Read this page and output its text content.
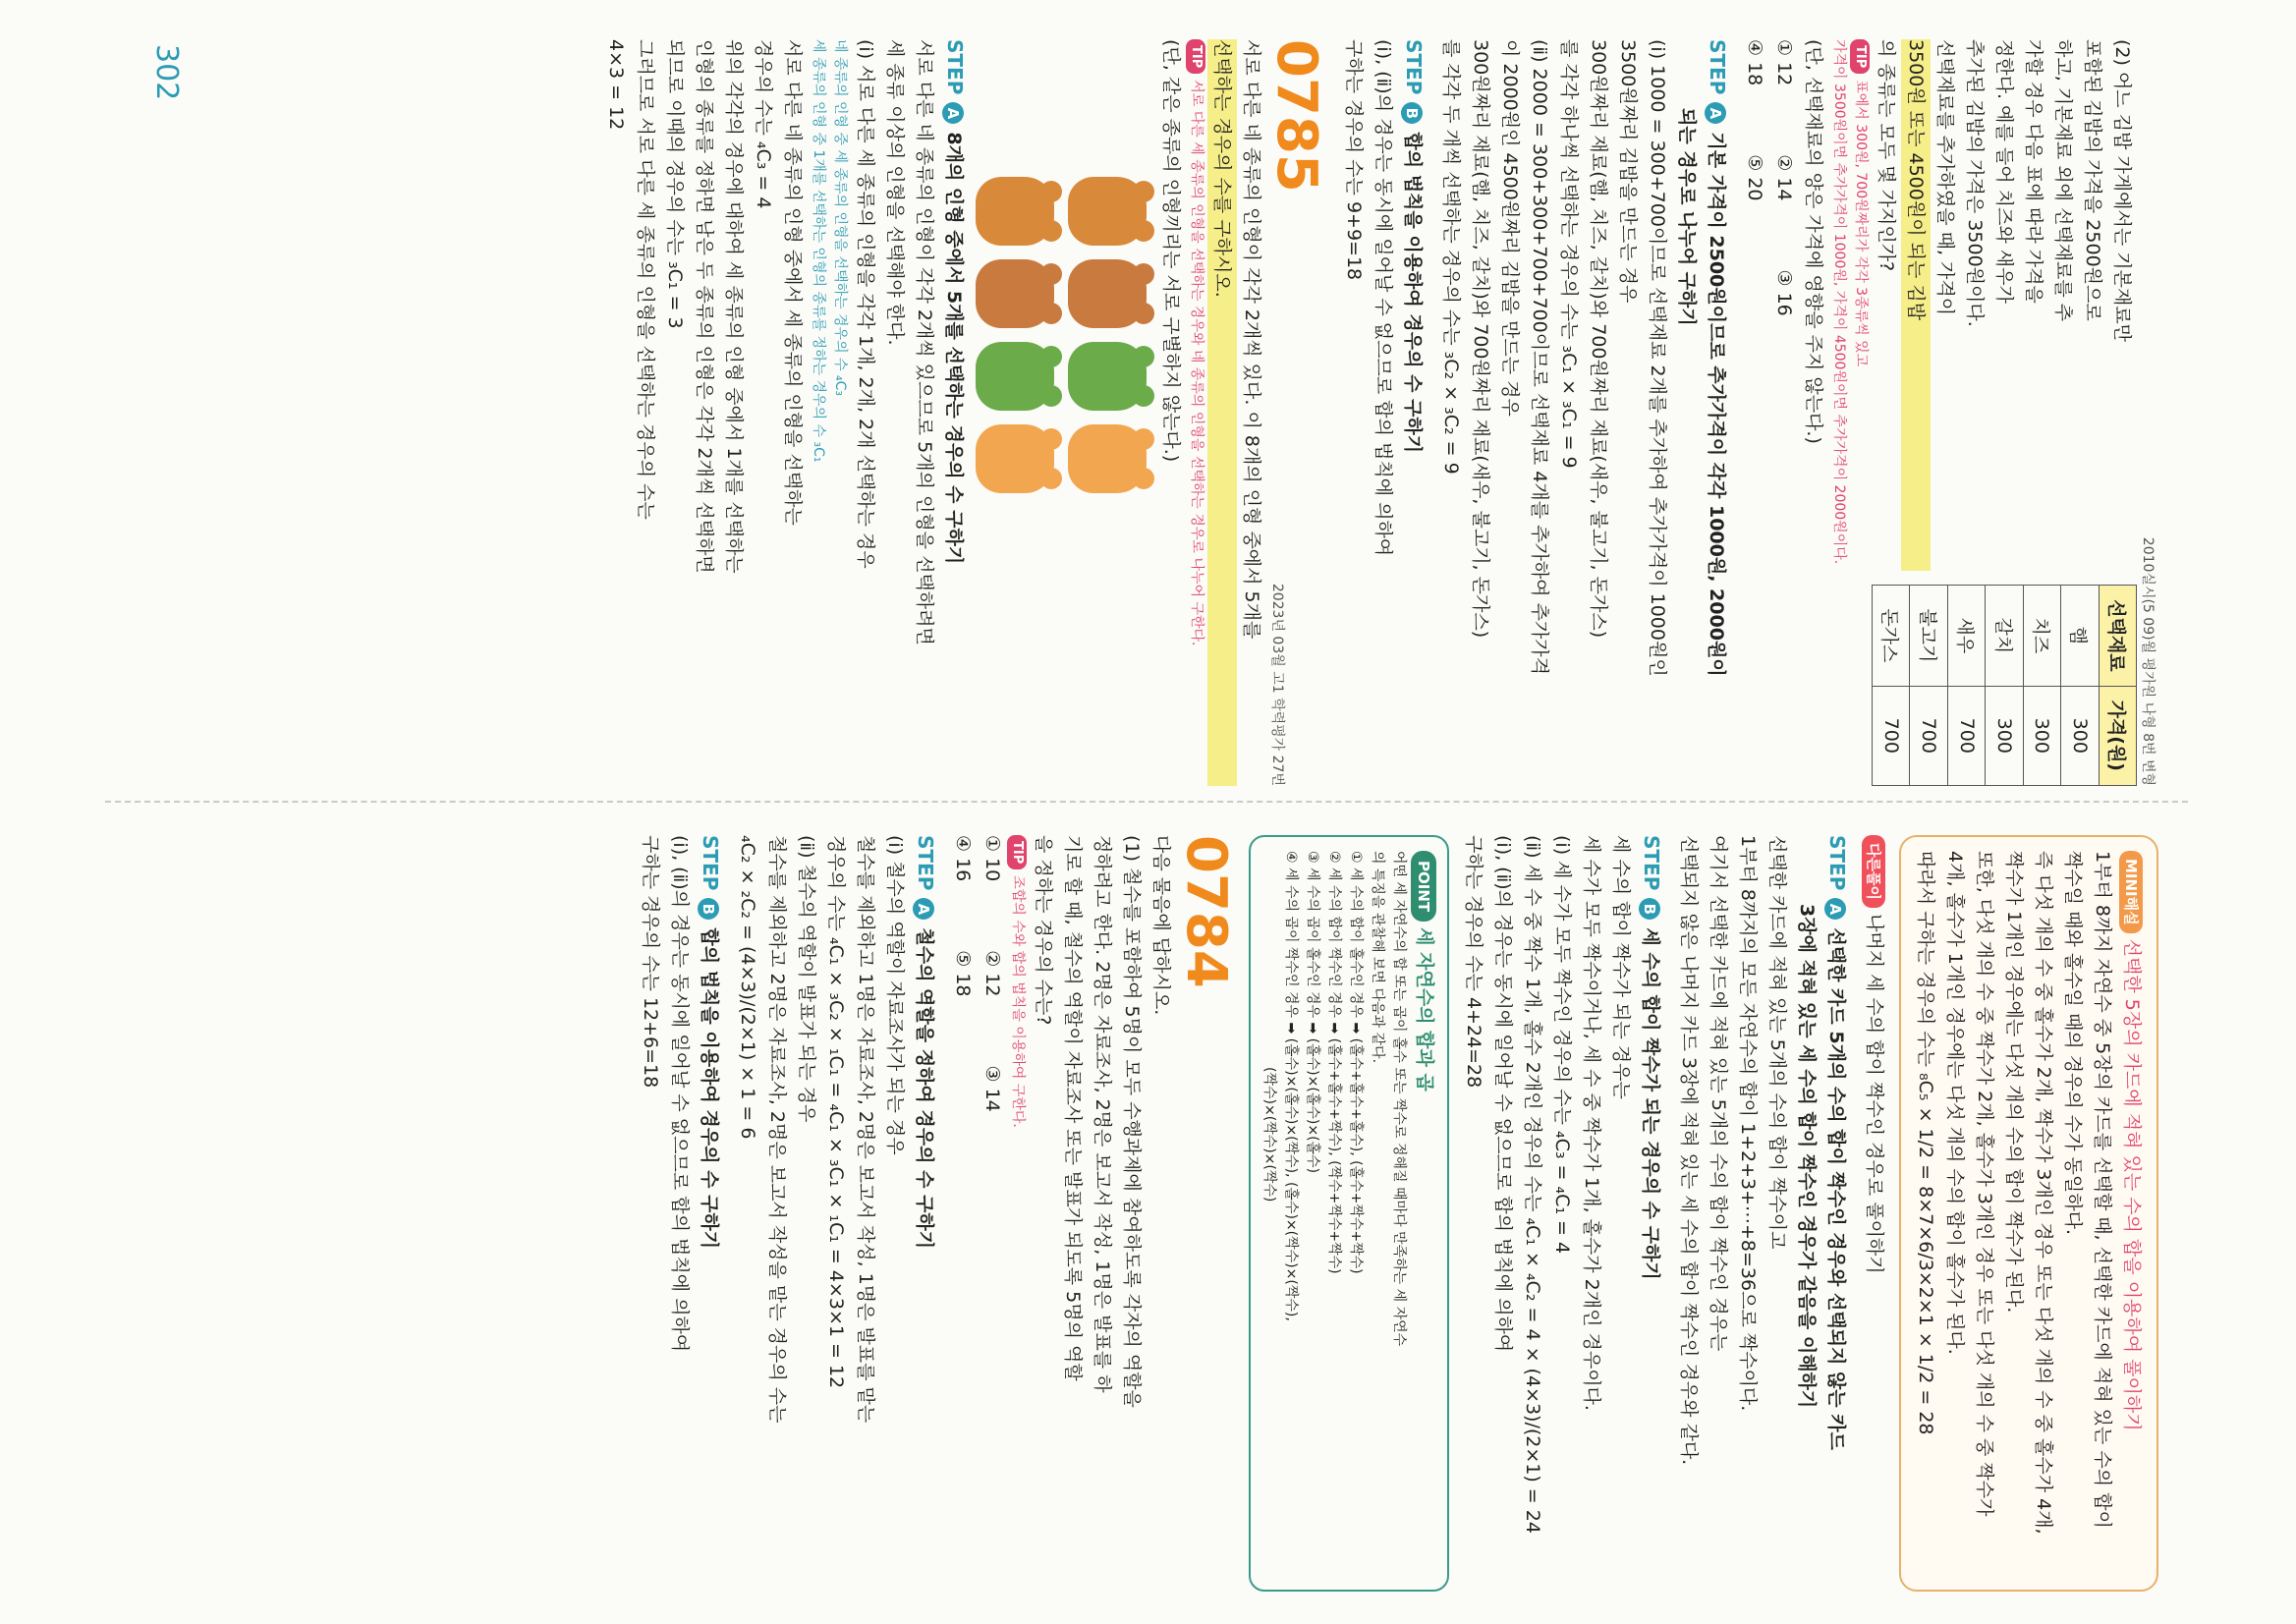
302
MINI해설 선택한 5장의 카드에 적혀 있는 수의 합을 이용하여 풀이하기
1부터 8까지 자연수 중 5장의 카드를 선택할 때, 선택한 카드에 적혀 있는 수의 합이
짝수일 때와 홀수일 때의 경우의 수가 동일하다.
즉 다섯 개의 수 중 홀수가 2개, 짝수가 3개인 경우 또는 다섯 개의 수 중 홀수가 4개,
짝수가 1개인 경우에는 다섯 개의 수의 합이 짝수가 된다.
또한, 다섯 개의 수 중 짝수가 2개, 홀수가 3개인 경우 또는 다섯 개의 수 중 짝수가
4개, 홀수가 1개인 경우에는 다섯 개의 수의 합이 홀수가 된다.
따라서 구하는 경우의 수는 ₈C₅ × 1/2 = 8×7×6/3×2×1 × 1/2 = 28
다른풀이 나머지 세 수의 합이 짝수인 경우로 풀이하기
STEPA선택한 카드 5개의 수의 합이 짝수인 경우와 선택되지 않는 카드
3장에 적혀 있는 세 수의 합이 짝수인 경우가 같음을 이해하기
선택한 카드에 적혀 있는 5개의 수의 합이 짝수이고
1부터 8까지의 모든 자연수의 합이 1+2+3+⋯+8=36으로 짝수이다.
여기서 선택한 카드에 적혀 있는 5개의 수의 합이 짝수인 경우는
선택되지 않은 나머지 카드 3장에 적혀 있는 세 수의 합이 짝수인 경우와 같다.
STEPB세 수의 합이 짝수가 되는 경우의 수 구하기
세 수의 합이 짝수가 되는 경우는
세 수가 모두 짝수이거나, 세 수 중 짝수가 1개, 홀수가 2개인 경우이다.
(ⅰ) 세 수가 모두 짝수인 경우의 수는 ₄C₃ = ₄C₁ = 4
(ⅱ) 세 수 중 짝수 1개, 홀수 2개인 경우의 수는 ₄C₁ × ₄C₂ = 4 × (4×3)/(2×1) = 24
(ⅰ), (ⅱ)의 경우는 동시에 일어날 수 없으므로 합의 법칙에 의하여
구하는 경우의 수는 4+24=28
POINT 세 자연수의 합과 곱
어떤 세 자연수의 합 또는 곱이 홀수 또는 짝수로 정해질 때마다 만족하는 세 자연수
의 특징을 관찰해 보면 다음과 같다.
① 세 수의 합이 홀수인 경우 ➡ (홀수+홀수+홀수), (홀수+짝수+짝수)
② 세 수의 합이 짝수인 경우 ➡ (홀수+홀수+짝수), (짝수+짝수+짝수)
③ 세 수의 곱이 홀수인 경우 ➡ (홀수)×(홀수)×(홀수)
④ 세 수의 곱이 짝수인 경우 ➡ (홀수)×(홀수)×(짝수), (홀수)×(짝수)×(짝수),
(짝수)×(짝수)×(짝수)
0784
다음 물음에 답하시오.
(1) 철수를 포함하여 5명이 모두 수행과제에 참여하도록 각자의 역할을
정하려고 한다. 2명은 자료조사, 2명은 보고서 작성, 1명은 발표를 하
기로 할 때, 철수의 역할이 자료조사 또는 발표가 되도록 5명의 역할
을 정하는 경우의 수는?
TIP조합의 수와 합의 법칙을 이용하여 구한다.
① 10
② 12
③ 14
④ 16
⑤ 18
STEPA철수의 역할을 정하여 경우의 수 구하기
(ⅰ) 철수의 역할이 자료조사가 되는 경우
철수를 제외하고 1명은 자료조사, 2명은 보고서 작성, 1명은 발표를 맡는
경우의 수는 ₄C₁ × ₃C₂ × ₁C₁ = ₄C₁ × ₃C₁ × ₁C₁ = 4×3×1 = 12
(ⅱ) 철수의 역할이 발표가 되는 경우
철수를 제외하고 2명은 자료조사, 2명은 보고서 작성을 맡는 경우의 수는
₄C₂ × ₂C₂ = (4×3)/(2×1) × 1 = 6
STEPB합의 법칙을 이용하여 경우의 수 구하기
(ⅰ), (ⅱ)의 경우는 동시에 일어날 수 없으므로 합의 법칙에 의하여
구하는 경우의 수는 12+6=18
2010실시(5 09)월 평가원 나형 8번 변형
(2) 어느 김밥 가게에서는 기본재료만
포함된 김밥의 가격을 2500원으로
하고, 기본재료 외에 선택재료를 추
가할 경우 다음 표에 따라 가격을
정한다. 예를 들어 치즈와 새우가
추가된 김밥의 가격은 3500원이다.
선택재료를 추가하였을 때, 가격이
3500원 또는 4500원이 되는 김밥
의 종류는 모두 몇 가지인가?
선택재료	가격(원)
햄	300
치즈	300
갈치	300
새우	700
불고기	700
돈가스	700
TIP표에서 300원, 700원짜리가 각각 3종류씩 있고
가격이 3500원이면 추가가격이 1000원, 가격이 4500원이면 추가가격이 2000원이다.
(단, 선택재료의 양은 가격에 영향을 주지 않는다.)
① 12
② 14
③ 16
④ 18
⑤ 20
STEPA기본 가격이 2500원이므로 추가가격이 각각 1000원, 2000원이
되는 경우로 나누어 구하기
(ⅰ) 1000 = 300+700이므로 선택재료 2개를 추가하여 추가가격이 1000원인
3500원짜리 김밥을 만드는 경우
300원짜리 재료(햄, 치즈, 갈치)와 700원짜리 재료(새우, 불고기, 돈가스)
를 각각 하나씩 선택하는 경우의 수는 ₃C₁ × ₃C₁ = 9
(ⅱ) 2000 = 300+300+700+700이므로 선택재료 4개를 추가하여 추가가격
이 2000원인 4500원짜리 김밥을 만드는 경우
300원짜리 재료(햄, 치즈, 갈치)와 700원짜리 재료(새우, 불고기, 돈가스)
를 각각 두 개씩 선택하는 경우의 수는 ₃C₂ × ₃C₂ = 9
STEPB합의 법칙을 이용하여 경우의 수 구하기
(ⅰ), (ⅱ)의 경우는 동시에 일어날 수 없으므로 합의 법칙에 의하여
구하는 경우의 수는 9+9=18
0785
2023년 03월 고1 학력평가 27번
서로 다른 네 종류의 인형이 각각 2개씩 있다. 이 8개의 인형 중에서 5개를
선택하는 경우의 수를 구하시오.
TIP서로 다른 세 종류의 인형을 선택하는 경우와 네 종류의 인형을 선택하는 경우로 나누어 구한다.
(단, 같은 종류의 인형끼리는 서로 구별하지 않는다.)
STEPA8개의 인형 중에서 5개를 선택하는 경우의 수 구하기
서로 다른 네 종류의 인형이 각각 2개씩 있으므로 5개의 인형을 선택하려면
세 종류 이상의 인형을 선택해야 한다.
(ⅰ) 서로 다른 세 종류의 인형을 각각 1개, 2개, 2개 선택하는 경우
네 종류의 인형 중 세 종류의 인형을 선택하는 경우의 수 ₄C₃
세 종류의 인형 중 1개를 선택하는 인형의 종류를 정하는 경우의 수 ₃C₁
서로 다른 네 종류의 인형 중에서 세 종류의 인형을 선택하는
경우의 수는 ₄C₃ = 4
위의 각각의 경우에 대하여 세 종류의 인형 중에서 1개를 선택하는
인형의 종류를 정하면 남은 두 종류의 인형은 각각 2개씩 선택하면
되므로 이때의 경우의 수는 ₃C₁ = 3
그러므로 서로 다른 세 종류의 인형을 선택하는 경우의 수는
4×3 = 12
